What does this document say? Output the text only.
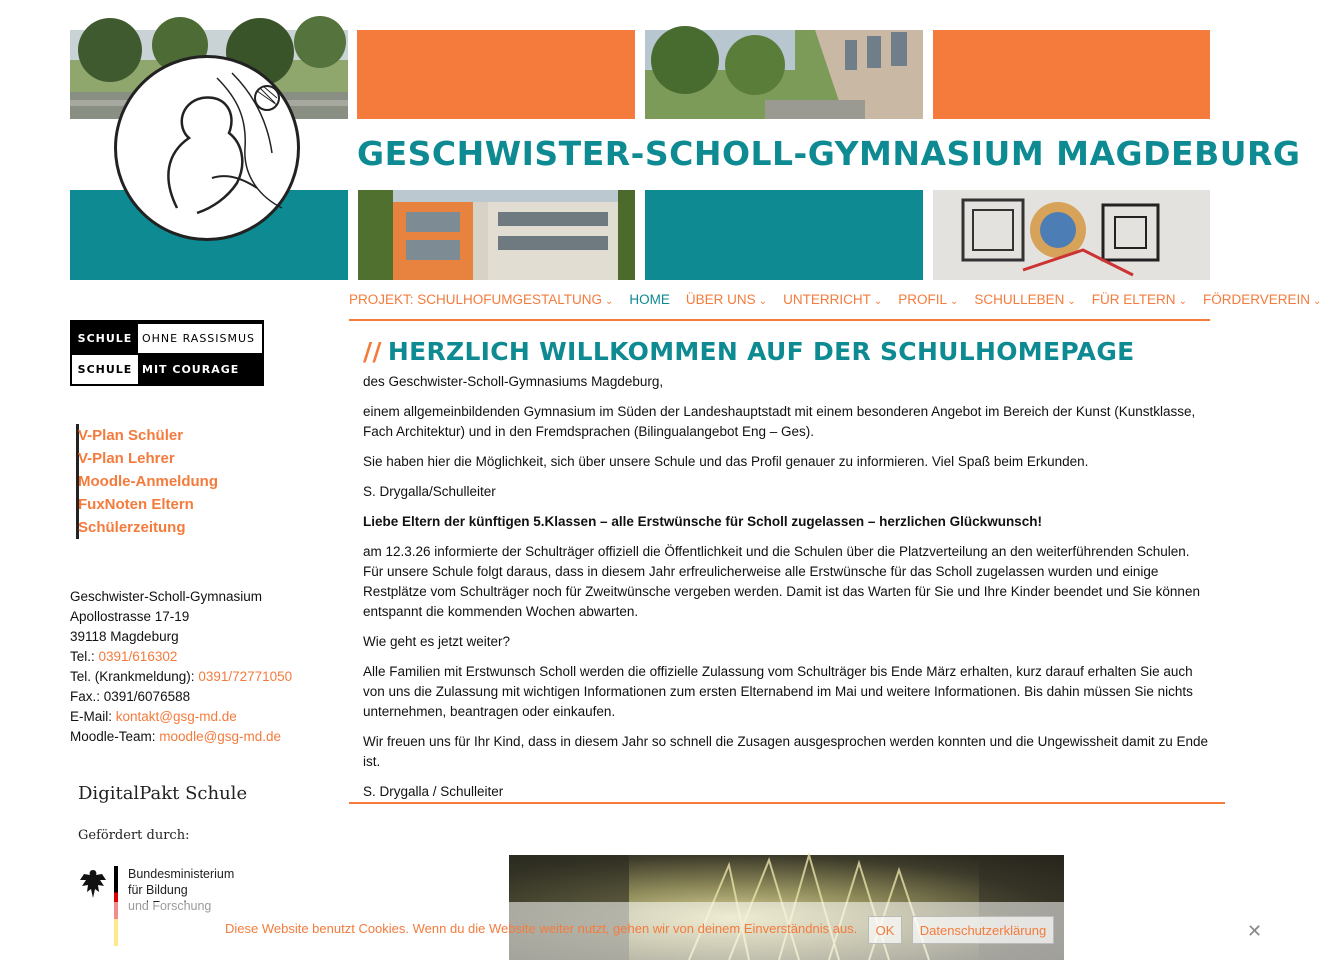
GESCHWISTER-SCHOLL-GYMNASIUM MAGDEBURG
PROJEKT: SCHULHOFUMGESTALTUNG ⌄	HOME	ÜBER UNS ⌄	UNTERRICHT ⌄	PROFIL ⌄	SCHULLEBEN ⌄	FÜR ELTERN ⌄	FÖRDERVEREIN ⌄
SCHULE OHNE RASSISMUS
SCHULE MIT COURAGE
V-Plan Schüler
V-Plan Lehrer
Moodle-Anmeldung
FuxNoten Eltern
Schülerzeitung
Geschwister-Scholl-Gymnasium
Apollostrasse 17-19
39118 Magdeburg
Tel.: 0391/616302
Tel. (Krankmeldung): 0391/72771050
Fax.: 0391/6076588
E-Mail: kontakt@gsg-md.de
Moodle-Team: moodle@gsg-md.de
DigitalPakt Schule
Gefördert durch:
Bundesministerium
für Bildung
// HERZLICH WILLKOMMEN AUF DER SCHULHOMEPAGE

des Geschwister-Scholl-Gymnasiums Magdeburg,

einem allgemeinbildenden Gymnasium im Süden der Landeshauptstadt mit einem besonderen Angebot im Bereich der Kunst (Kunstklasse, Fach Architektur) und in den Fremdsprachen (Bilingualangebot Eng – Ges).

Sie haben hier die Möglichkeit, sich über unsere Schule und das Profil genauer zu informieren. Viel Spaß beim Erkunden.

S. Drygalla/Schulleiter

Liebe Eltern der künftigen 5.Klassen – alle Erstwünsche für Scholl zugelassen – herzlichen Glückwunsch!

am 12.3.26 informierte der Schulträger offiziell die Öffentlichkeit und die Schulen über die Platzverteilung an den weiterführenden Schulen. Für unsere Schule folgt daraus, dass in diesem Jahr erfreulicherweise alle Erstwünsche für das Scholl zugelassen wurden und einige Restplätze vom Schulträger noch für Zweitwünsche vergeben werden. Damit ist das Warten für Sie und Ihre Kinder beendet und Sie können entspannt die kommenden Wochen abwarten.

Wie geht es jetzt weiter?

Alle Familien mit Erstwunsch Scholl werden die offizielle Zulassung vom Schulträger bis Ende März erhalten, kurz darauf erhalten Sie auch von uns die Zulassung mit wichtigen Informationen zum ersten Elternabend im Mai und weitere Informationen. Bis dahin müssen Sie nichts unternehmen, beantragen oder einkaufen.

Wir freuen uns für Ihr Kind, dass in diesem Jahr so schnell die Zusagen ausgesprochen werden konnten und die Ungewissheit damit zu Ende ist.

S. Drygalla / Schulleiter

Diese Website benutzt Cookies. Wenn du die Website weiter nutzt, gehen wir von deinem Einverständnis aus.	OK	Datenschutzerklärung	✕
